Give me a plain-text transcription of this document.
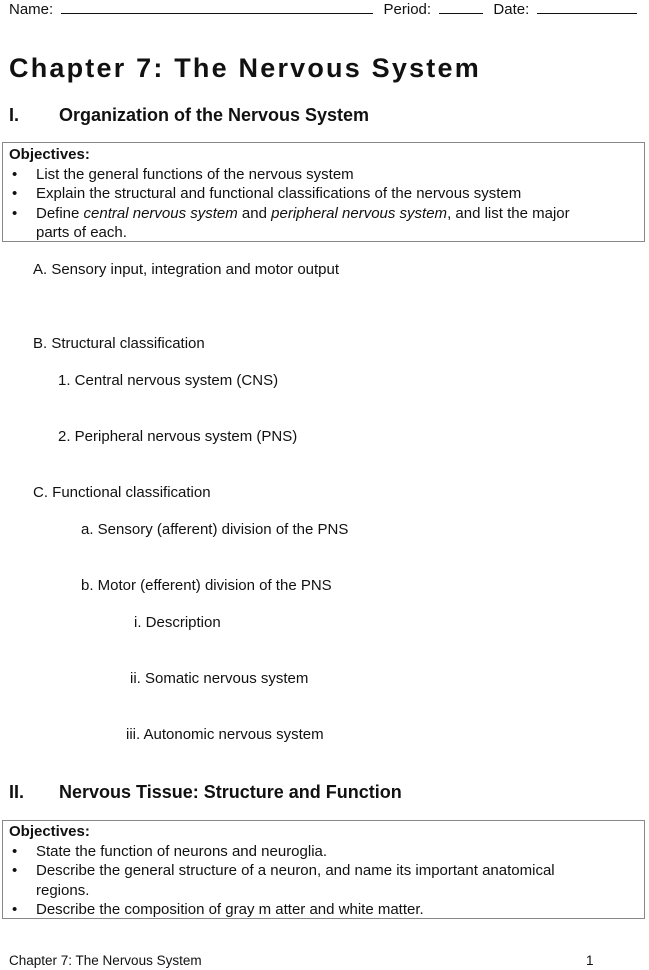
Name:	Period:	Date:
Chapter 7: The Nervous System
I. Organization of the Nervous System
Objectives:
• List the general functions of the nervous system
• Explain the structural and functional classifications of the nervous system
• Define central nervous system and peripheral nervous system, and list the major
parts of each.
A. Sensory input, integration and motor output
B. Structural classification
1. Central nervous system (CNS)
2. Peripheral nervous system (PNS)
C. Functional classification
a. Sensory (afferent) division of the PNS
b. Motor (efferent) division of the PNS
i. Description
ii. Somatic nervous system
iii. Autonomic nervous system
II. Nervous Tissue: Structure and Function
Objectives:
• State the function of neurons and neuroglia.
• Describe the general structure of a neuron, and name its important anatomical
regions.
• Describe the composition of gray m atter and white matter.
Chapter 7: The Nervous System	1
